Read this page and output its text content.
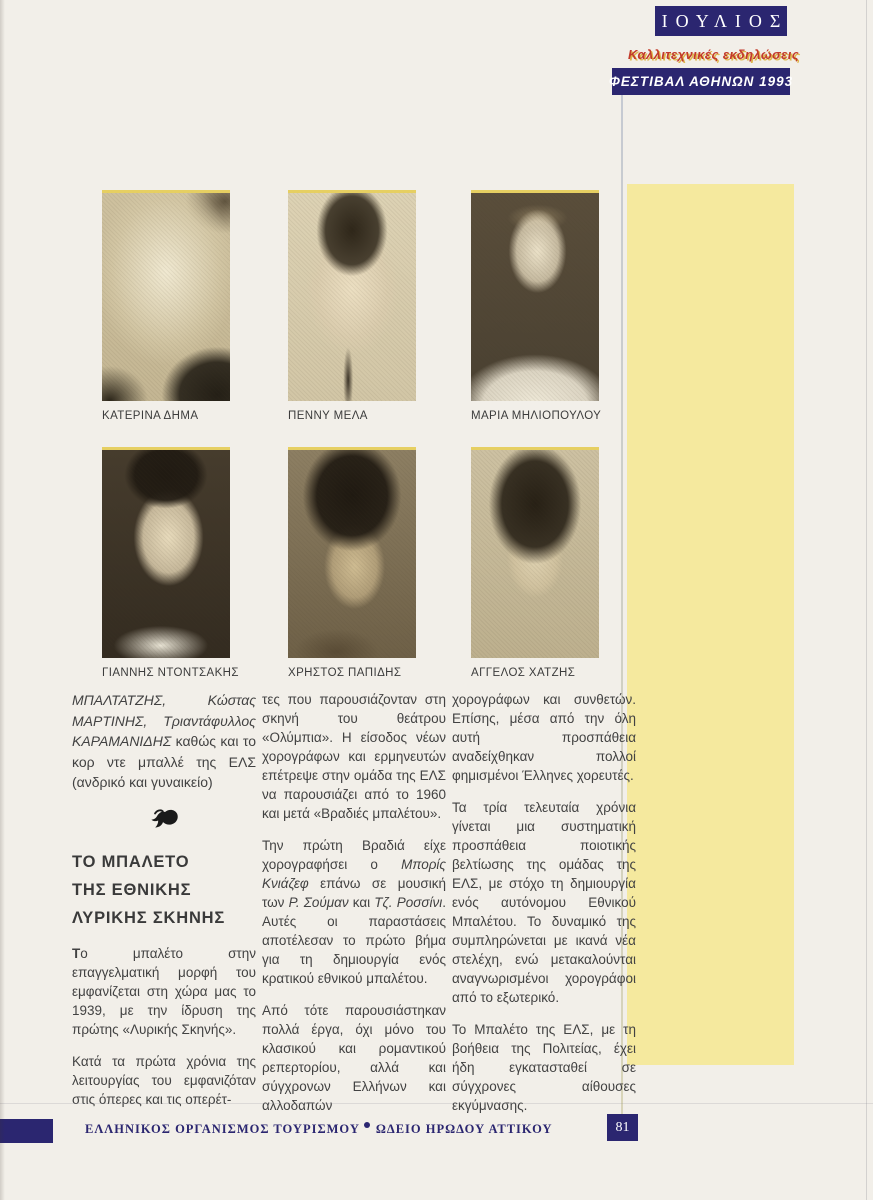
ΙΟΥΛΙΟΣ
Καλλιτεχνικές εκδηλώσεις
ΦΕΣΤΙΒΑΛ ΑΘΗΝΩΝ 1993
ΚΑΤΕΡΙΝΑ ΔΗΜΑ	ΠΕΝΝΥ ΜΕΛΑ	ΜΑΡΙΑ ΜΗΛΙΟΠΟΥΛΟΥ
ΓΙΑΝΝΗΣ ΝΤΟΝΤΣΑΚΗΣ	ΧΡΗΣΤΟΣ ΠΑΠΙΔΗΣ	ΑΓΓΕΛΟΣ ΧΑΤΖΗΣ

ΜΠΑΛΤΑΤΖΗΣ, Κώστας ΜΑΡΤΙΝΗΣ, Τριαντάφυλλος ΚΑΡΑΜΑΝΙΔΗΣ καθώς και το κορ ντε μπαλλέ της ΕΛΣ (ανδρικό και γυναικείο)

ΤΟ ΜΠΑΛΕΤΟ
ΤΗΣ ΕΘΝΙΚΗΣ
ΛΥΡΙΚΗΣ ΣΚΗΝΗΣ

Το μπαλέτο στην επαγγελματική μορφή του εμφανίζεται στη χώρα μας το 1939, με την ίδρυση της πρώτης «Λυρικής Σκηνής».

Κατά τα πρώτα χρόνια της λειτουργίας του εμφανιζόταν στις όπερες και τις οπερέτ-

τες που παρουσιάζονταν στη σκηνή του θεάτρου «Ολύμπια». Η είσοδος νέων χορογράφων και ερμηνευτών επέτρεψε στην ομάδα της ΕΛΣ να παρουσιάζει από το 1960 και μετά «Βραδιές μπαλέτου».

Την πρώτη Βραδιά είχε χορογραφήσει ο Μπορίς Κνιάζεφ επάνω σε μουσική των Ρ. Σούμαν και Τζ. Ροσσίνι. Αυτές οι παραστάσεις αποτέλεσαν το πρώτο βήμα για τη δημιουργία ενός κρατικού εθνικού μπαλέτου.

Από τότε παρουσιάστηκαν πολλά έργα, όχι μόνο του κλασικού και ρομαντικού ρεπερτορίου, αλλά και σύγχρονων Ελλήνων και αλλοδαπών

χορογράφων και συνθετών. Επίσης, μέσα από την όλη αυτή προσπάθεια αναδείχθηκαν πολλοί φημισμένοι Έλληνες χορευτές.

Τα τρία τελευταία χρόνια γίνεται μια συστηματική προσπάθεια ποιοτικής βελτίωσης της ομάδας της ΕΛΣ, με στόχο τη δημιουργία ενός αυτόνομου Εθνικού Μπαλέτου. Το δυναμικό της συμπληρώνεται με ικανά νέα στελέχη, ενώ μετακαλούνται αναγνωρισμένοι χορογράφοι από το εξωτερικό.

Το Μπαλέτο της ΕΛΣ, με τη βοήθεια της Πολιτείας, έχει ήδη εγκατασταθεί σε σύγχρονες αίθουσες εκγύμνασης.

ΕΛΛΗΝΙΚΟΣ ΟΡΓΑΝΙΣΜΟΣ ΤΟΥΡΙΣΜΟΥ ΩΔΕΙΟ ΗΡΩΔΟΥ ΑΤΤΙΚΟΥ	81
